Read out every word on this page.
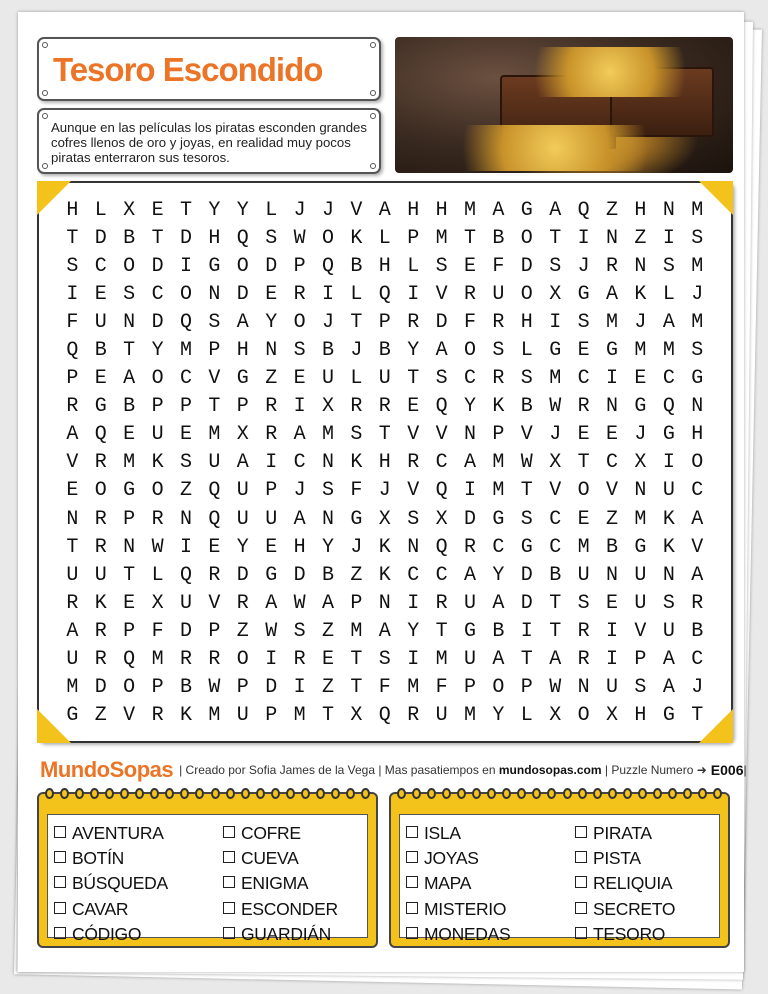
Tesoro Escondido

Aunque en las películas los piratas esconden grandes cofres llenos de oro y joyas, en realidad muy pocos piratas enterraron sus tesoros.

HLXETYYLJJVAHHMAGAQZHNM
TDBTDHQSWOKLPMTBOTINZIS
SCODIGODPQBHLSEFDSJRNSM
IESCONDERILQIVRUOXGAKLJ
FUNDQSAYOJTPRDFRHISMJAM
QBTYMPHNSBJBYAOSLGEGMMS
PEAOCVGZEULUTSCRSMCIECG
RGBPPTPRIXRREQYKBWRNGQN
AQEUEMXRAMSTVVNPVJEEJGH
VRMKSUAICNKHRCAMWXTCXIO
EOGOZQUPJSFJVQIMTVOVNUC
NRPRNQUUANGXSXDGSCEZMKA
TRNWIEYEHYJKNQRCGCMBGKV
UUTLQRDGDBZKCCAYDBUNUNA
RKEXUVRAWAPNIRUADTSEUSR
ARPFDPZWSZMAYTGBITRIVUB
URQMRROIRETSIMUATARIPAC
MDOPBWPDIZTFMFPOPWNUSAJ
GZVRKMUPMTXQRUMYLXOXHGT
MundoSopas | Creado por Sofia James de la Vega | Mas pasatiempos en
mundosopas.com
| Puzzle Numero ➜ E006 |
AVENTURA
BOTÍN
BÚSQUEDA
CAVAR
CÓDIGO
COFRE
CUEVA
ENIGMA
ESCONDER
GUARDIÁN
ISLA
JOYAS
MAPA
MISTERIO
MONEDAS
PIRATA
PISTA
RELIQUIA
SECRETO
TESORO
